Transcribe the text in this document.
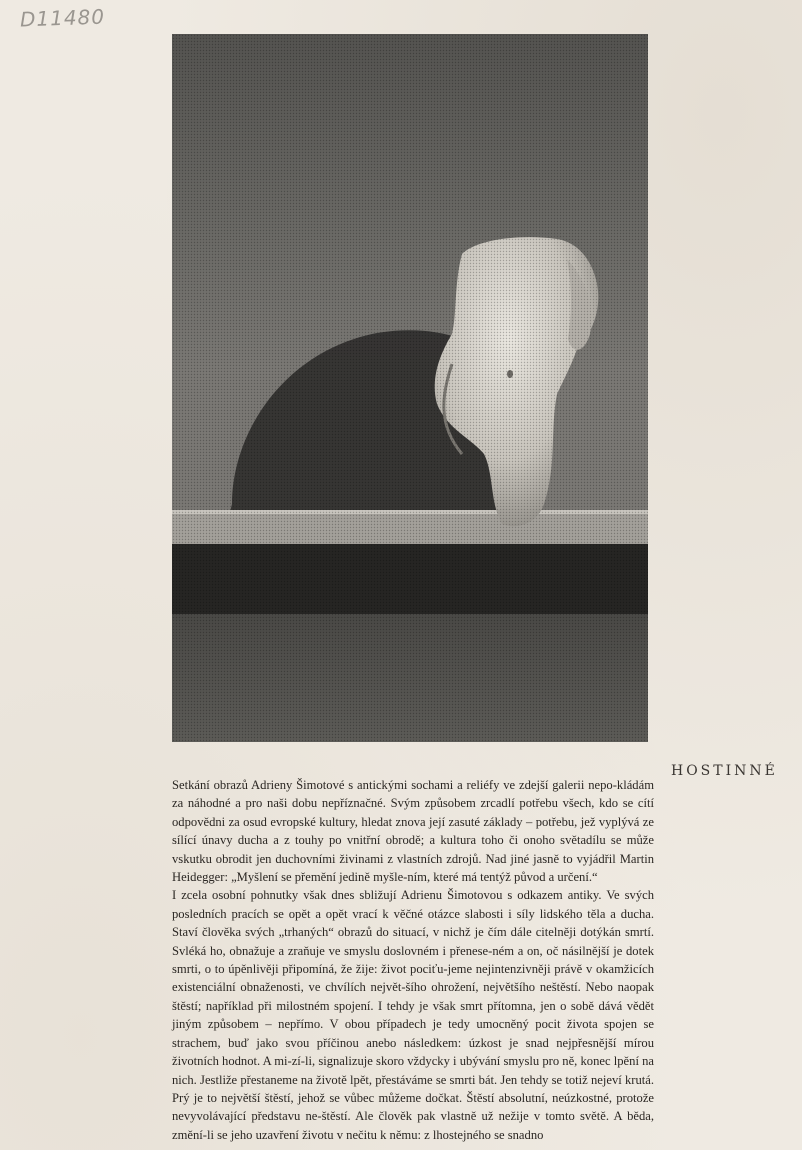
D11480
HOSTINNÉ

Setkání obrazů Adrieny Šimotové s antickými sochami a reliéfy ve zdejší galerii nepo-kládám za náhodné a pro naši dobu nepříznačné. Svým způsobem zrcadlí potřebu všech, kdo se cítí odpovědni za osud evropské kultury, hledat znova její zasuté základy – potřebu, jež vyplývá ze sílící únavy ducha a z touhy po vnitřní obrodě; a kultura toho či onoho světadílu se může vskutku obrodit jen duchovními živinami z vlastních zdrojů. Nad jiné jasně to vyjádřil Martin Heidegger: „Myšlení se přemění jedině myšle-ním, které má tentýž původ a určení.“

I zcela osobní pohnutky však dnes sbližují Adrienu Šimotovou s odkazem antiky. Ve svých posledních pracích se opět a opět vrací k věčné otázce slabosti i síly lidského těla a ducha. Staví člověka svých „trhaných“ obrazů do situací, v nichž je čím dále citelněji dotýkán smrtí. Svléká ho, obnažuje a zraňuje ve smyslu doslovném i přenese-ném a on, oč násilnější je dotek smrti, o to úpěnlivěji připomíná, že žije: život pociťu-jeme nejintenzivněji právě v okamžicích existenciální obnaženosti, ve chvílích největ-šího ohrožení, největšího neštěstí. Nebo naopak štěstí; například při milostném spojení. I tehdy je však smrt přítomna, jen o sobě dává vědět jiným způsobem – nepřímo. V obou případech je tedy umocněný pocit života spojen se strachem, buď jako svou příčinou anebo následkem: úzkost je snad nejpřesnější mírou životních hodnot. A mi-zí-li, signalizuje skoro vždycky i ubývání smyslu pro ně, konec lpění na nich. Jestliže přestaneme na životě lpět, přestáváme se smrti bát. Jen tehdy se totiž nejeví krutá. Prý je to největší štěstí, jehož se vůbec můžeme dočkat. Štěstí absolutní, neúzkostné, protože nevyvolávající představu ne-štěstí. Ale člověk pak vlastně už nežije v tomto světě. A běda, změní-li se jeho uzavření životu v nečitu k němu: z lhostejného se snadno
